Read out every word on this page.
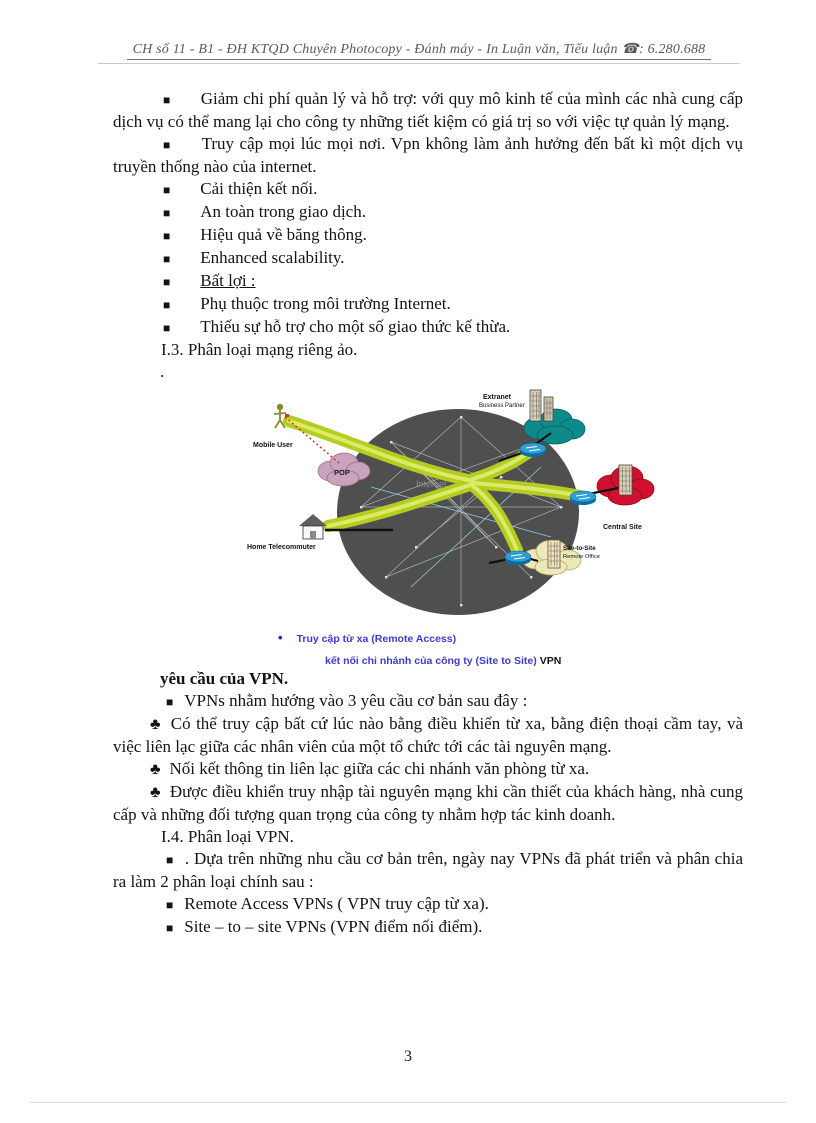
CH số 11 - B1 - ĐH KTQD Chuyên Photocopy - Đánh máy - In Luận văn, Tiểu luận ☎: 6.280.688

■ Giảm chi phí quản lý và hỗ trợ: với quy mô kinh tế của mình các nhà cung cấp dịch vụ có thể mang lại cho công ty những tiết kiệm có giá trị so với việc tự quản lý mạng.

■ Truy cập mọi lúc mọi nơi. Vpn không làm ảnh hưởng đến bất kì một dịch vụ truyền thống nào của internet.

■ Cải thiện kết nối.

■ An toàn trong giao dịch.

■ Hiệu quả về băng thông.

■ Enhanced scalability.

■ Bất lợi :

■ Phụ thuộc trong môi trường Internet.

■ Thiếu sự hỗ trợ cho một số giao thức kế thừa.

I.3. Phân loại mạng riêng ảo.

.

Internet
POP
Mobile User
Home Telecommuter
Extranet
Business Partner
Central Site
Site-to-Site
Remote Office
• Truy cập từ xa (Remote Access)
kết nối chi nhánh của công ty (Site to Site) VPN

yêu cầu của VPN.

■ VPNs nhằm hướng vào 3 yêu cầu cơ bản sau đây :

♣ Có thể truy cập bất cứ lúc nào bằng điều khiển từ xa, bằng điện thoại cầm tay, và việc liên lạc giữa các nhân viên của một tổ chức tới các tài nguyên mạng.

♣ Nối kết thông tin liên lạc giữa các chi nhánh văn phòng từ xa.

♣ Được điều khiển truy nhập tài nguyên mạng khi cần thiết của khách hàng, nhà cung cấp và những đối tượng quan trọng của công ty nhằm hợp tác kinh doanh.

I.4. Phân loại VPN.

■ . Dựa trên những nhu cầu cơ bản trên, ngày nay VPNs đã phát triển và phân chia ra làm 2 phân loại chính sau :

■ Remote Access VPNs ( VPN truy cập từ xa).

■ Site – to – site VPNs (VPN điểm nối điểm).

3
